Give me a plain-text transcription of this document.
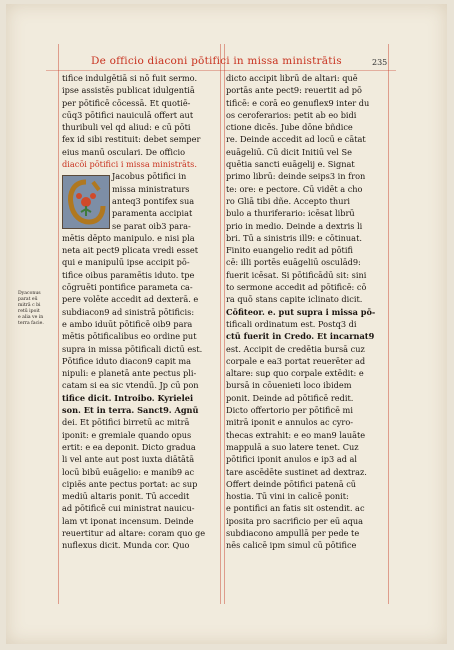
De officio diaconi pōtifici in missa ministrātis	235
tifice indulgētiā si nō fuit sermo.
ipse assistēs publicat idulgentiā
per pōtificē cōcessā. Et quotiē-
cūq3 pōtifici nauiculā offert aut
thuribuli vel qd aliud: e cū pōti
fex id sibi restituit: debet semper
eius manū osculari. De officio
diacōi pōtifici i missa ministrāts.
Jacobus pōtifici in
missa ministraturs
anteq3 pontifex sua
paramenta accipiat
se parat oib3 para-
mētis dēpto manipulo. e nisi pla
neta ait pect9 plicata vredi esset
qui e manipulū ipse accipit pō-
tifice oibus paramētis iduto. tpe
cōgruēti pontifice parameta ca-
pere volēte accedit ad dexterā. e
subdiacon9 ad sinistrā pōtificis:
e ambo iduūt pōtificē oib9 para
mētis pōtificalibus eo ordine put
supra in missa pōtificali dictū est.
Pōtifice iduto diacon9 capit ma
nipuli: e planetā ante pectus pli-
catam si ea sic vtendū. Jp cū pon
tifice dicit. Introibo. Kyrielei
son. Et in terra. Sanct9. Agnū
dei. Et pōtifici birretū ac mitrā
iponit: e gremiale quando opus
ertit: e ea deponit. Dicto gradua
li vel ante aut post iuxta diātātā
locū bibū euāgelio: e manib9 ac
cipiēs ante pectus portat: ac sup
mediū altaris ponit. Tū accedit
ad pōtificē cui ministrat nauicu-
lam vt iponat incensum. Deinde
reuertitur ad altare: coram quo ge
nuflexus dicit. Munda cor. Quo
dicto accipit librū de altari: quē
portās ante pect9: reuertit ad pō
tificē: e corā eo genuflex9 inter du
os ceroferarios: petit ab eo bidi
ctione dicēs. Jube dōne bñdice
re. Deinde accedit ad locū e cātat
euāgeliū. Cū dicit Initiū vel Se
quētia sancti euāgelij e. Signat
primo librū: deinde seips3 in fron
te: ore: e pectore. Cū vidēt a cho
ro Gliā tibi dñe. Accepto thuri
bulo a thuriferario: icēsat librū
prio in medio. Deinde a dextris li
bri. Tū a sinistris ill9: e cōtinuat.
Finito euangelio redit ad pōtifi
cē: illi portēs euāgeliū osculād9:
fuerit icēsat. Si pōtificādū sit: sini
to sermone accedit ad pōtificē: cō
ra quō stans capite iclinato dicit.
Cōfiteor. e. put supra i missa pō-
tificali ordinatum est. Postq3 di
ctū fuerit in Credo. Et incarnat9
est. Accipit de credētia bursā cuz
corpale e ea3 portat reuerēter ad
altare: suꝑ quo corpale extēdit: e
bursā in cōuenieti loco ibidem
ponit. Deinde ad pōtificē redit.
Dicto offertorio per pōtificē mi
mitrā iponit e annulos ac cyro-
thecas extrahit: e eo man9 lauāte
mappulā a suo latere tenet. Cuz
pōtifici iponit anulos e ip3 ad al
tare ascēdēte sustinet ad dextraz.
Offert deinde pōtifici patenā cū
hostia. Tū vini in calicē ponit:
e pontifici an fatis sit ostendit. ac
iposita pro sacrificio per eū aqua
subdiacono ampullā per pede te
nēs calicē ipm simul cū pōtifice
Dyaconus
parat eū
mitrā c bi
retū ipoit
e alia ve in
terra facie.
